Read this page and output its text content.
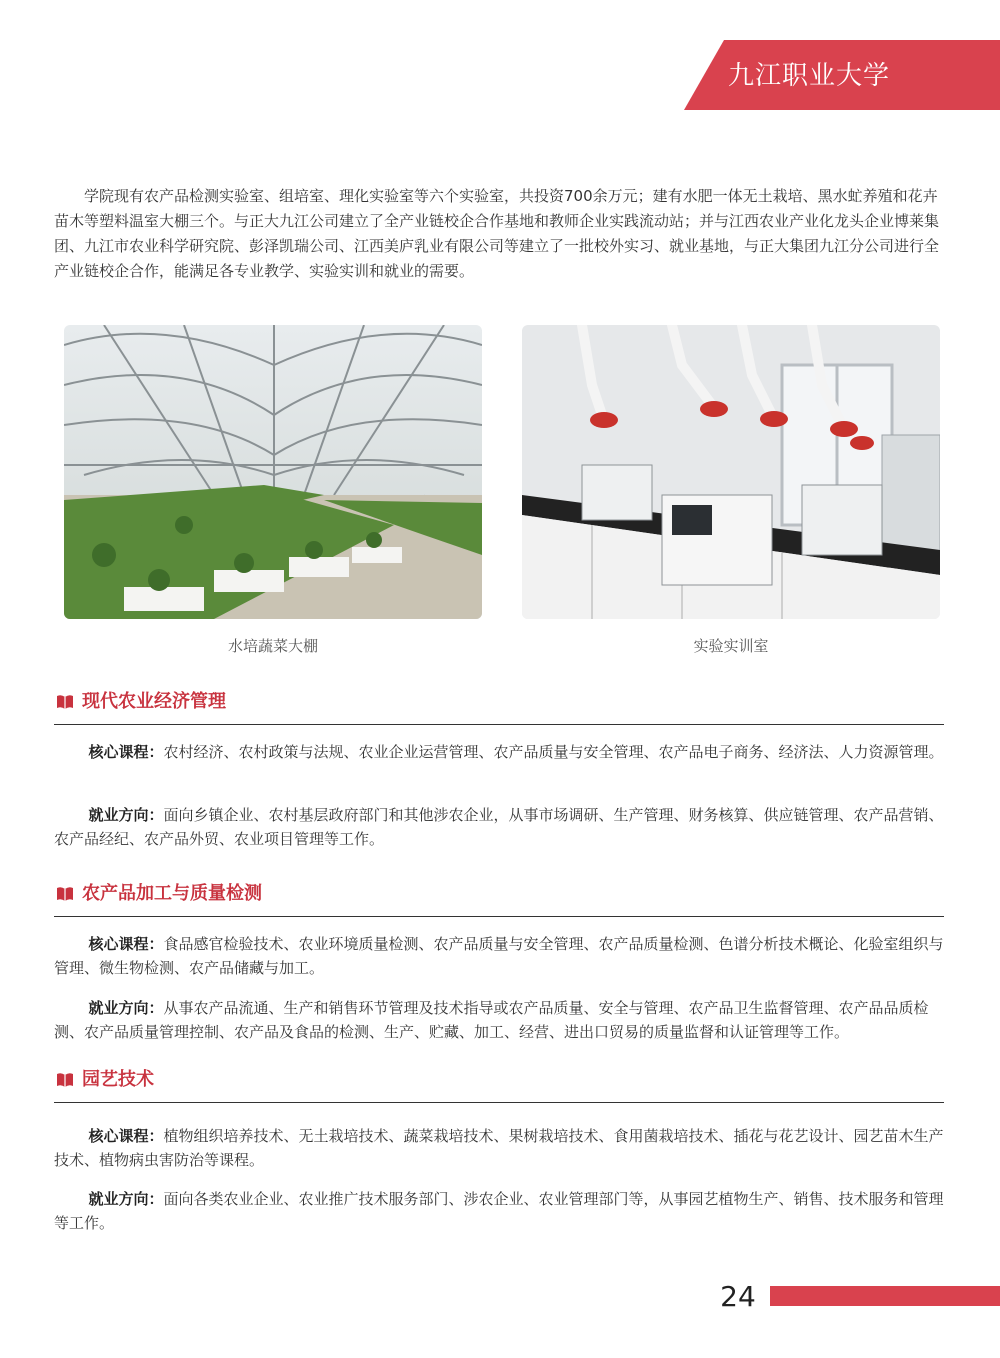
九江职业大学

学院现有农产品检测实验室、组培室、理化实验室等六个实验室，共投资700余万元；建有水肥一体无土栽培、黑水虻养殖和花卉苗木等塑料温室大棚三个。与正大九江公司建立了全产业链校企合作基地和教师企业实践流动站；并与江西农业产业化龙头企业博莱集团、九江市农业科学研究院、彭泽凯瑞公司、江西美庐乳业有限公司等建立了一批校外实习、就业基地，与正大集团九江分公司进行全产业链校企合作，能满足各专业教学、实验实训和就业的需要。

水培蔬菜大棚	实验实训室
现代农业经济管理

核心课程：农村经济、农村政策与法规、农业企业运营管理、农产品质量与安全管理、农产品电子商务、经济法、人力资源管理。

就业方向：面向乡镇企业、农村基层政府部门和其他涉农企业，从事市场调研、生产管理、财务核算、供应链管理、农产品营销、农产品经纪、农产品外贸、农业项目管理等工作。

农产品加工与质量检测

核心课程：食品感官检验技术、农业环境质量检测、农产品质量与安全管理、农产品质量检测、色谱分析技术概论、化验室组织与管理、微生物检测、农产品储藏与加工。

就业方向：从事农产品流通、生产和销售环节管理及技术指导或农产品质量、安全与管理、农产品卫生监督管理、农产品品质检测、农产品质量管理控制、农产品及食品的检测、生产、贮藏、加工、经营、进出口贸易的质量监督和认证管理等工作。

园艺技术

核心课程：植物组织培养技术、无土栽培技术、蔬菜栽培技术、果树栽培技术、食用菌栽培技术、插花与花艺设计、园艺苗木生产技术、植物病虫害防治等课程。

就业方向：面向各类农业企业、农业推广技术服务部门、涉农企业、农业管理部门等，从事园艺植物生产、销售、技术服务和管理等工作。

24
